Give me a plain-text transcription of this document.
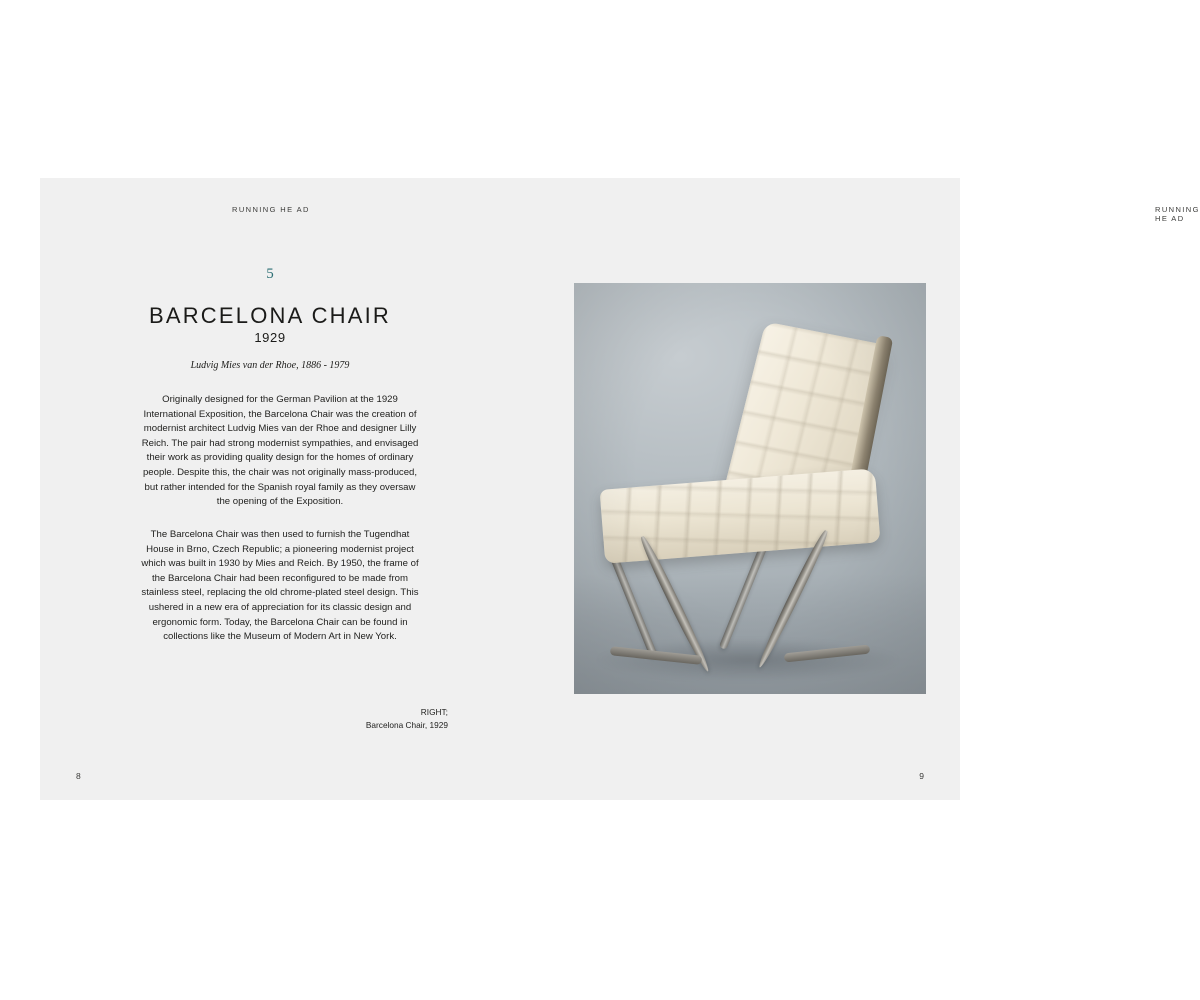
RUNNING HE AD
5
BARCELONA CHAIR
1929
Ludvig Mies van der Rhoe, 1886 - 1979
Originally designed for the German Pavilion at the 1929 International Exposition, the Barcelona Chair was the creation of modernist architect Ludvig Mies van der Rhoe and designer Lilly Reich. The pair had strong modernist sympathies, and envisaged their work as providing quality design for the homes of ordinary people. Despite this, the chair was not originally mass-produced, but rather intended for the Spanish royal family as they oversaw the opening of the Exposition.
The Barcelona Chair was then used to furnish the Tugendhat House in Brno, Czech Republic; a pioneering modernist project which was built in 1930 by Mies and Reich. By 1950, the frame of the Barcelona Chair had been reconfigured to be made from stainless steel, replacing the old chrome-plated steel design. This ushered in a new era of appreciation for its classic design and ergonomic form. Today, the Barcelona Chair can be found in collections like the Museum of Modern Art in New York.
RIGHT;
Barcelona Chair, 1929
8
RUNNING HE AD
9
